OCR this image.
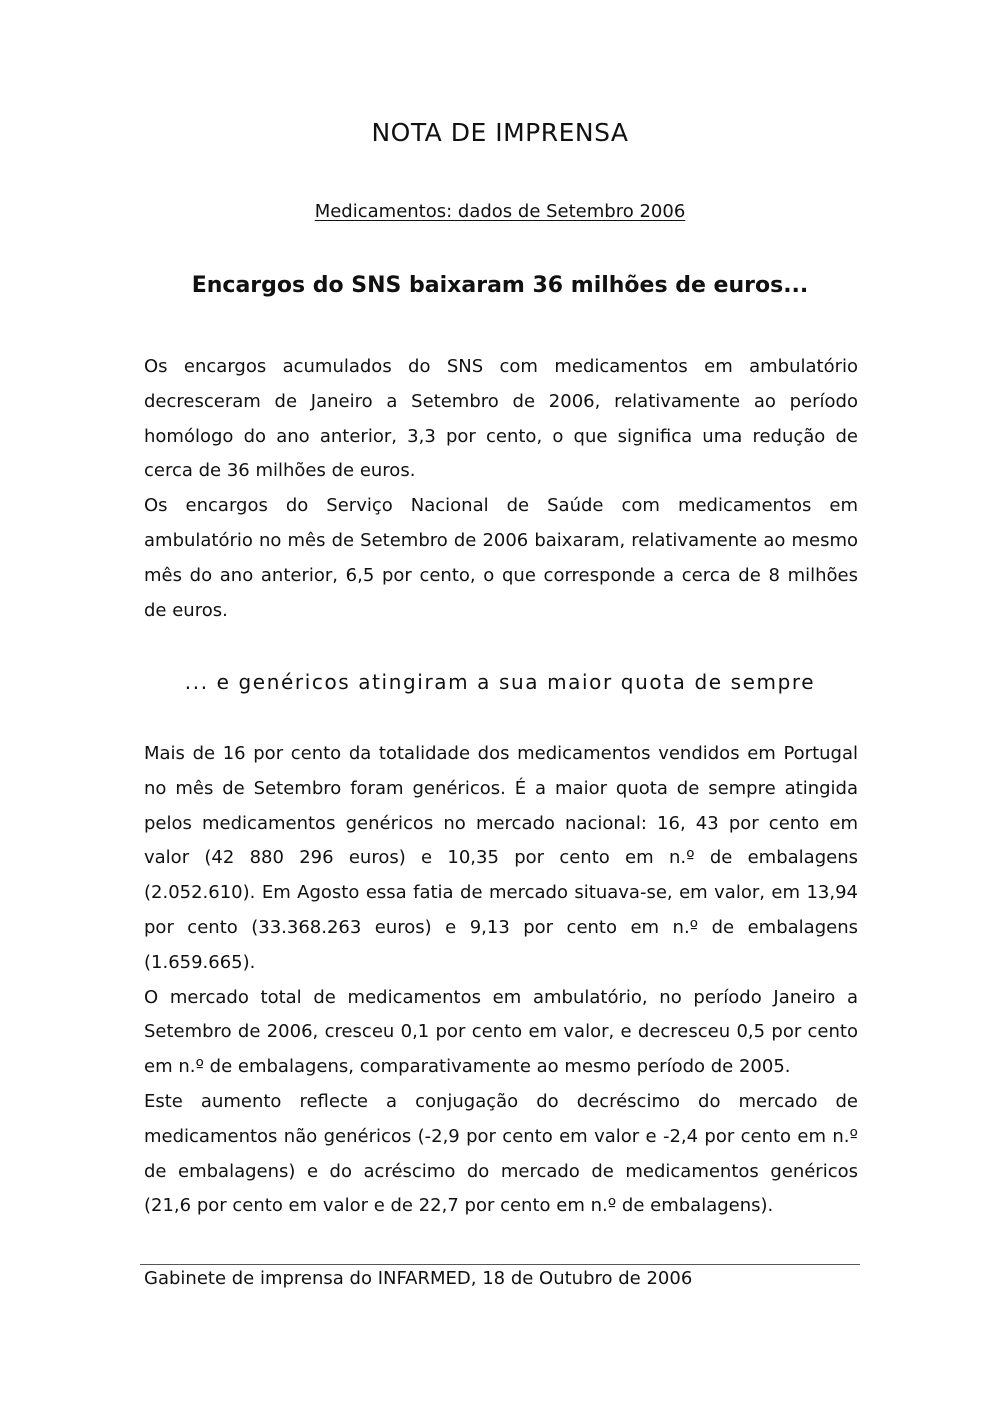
NOTA DE IMPRENSA
Medicamentos: dados de Setembro 2006
Encargos do SNS baixaram 36 milhões de euros...

Os encargos acumulados do SNS com medicamentos em ambulatório decresceram de Janeiro a Setembro de 2006, relativamente ao período homólogo do ano anterior, 3,3 por cento, o que significa uma redução de cerca de 36 milhões de euros.

Os encargos do Serviço Nacional de Saúde com medicamentos em ambulatório no mês de Setembro de 2006 baixaram, relativamente ao mesmo mês do ano anterior, 6,5 por cento, o que corresponde a cerca de 8 milhões de euros.

... e genéricos atingiram a sua maior quota de sempre

Mais de 16 por cento da totalidade dos medicamentos vendidos em Portugal no mês de Setembro foram genéricos. É a maior quota de sempre atingida pelos medicamentos genéricos no mercado nacional: 16, 43 por cento em valor (42 880 296 euros) e 10,35 por cento em n.º de embalagens (2.052.610). Em Agosto essa fatia de mercado situava-se, em valor, em 13,94 por cento (33.368.263 euros) e 9,13 por cento em n.º de embalagens (1.659.665).

O mercado total de medicamentos em ambulatório, no período Janeiro a Setembro de 2006, cresceu 0,1 por cento em valor, e decresceu 0,5 por cento em n.º de embalagens, comparativamente ao mesmo período de 2005.

Este aumento reflecte a conjugação do decréscimo do mercado de medicamentos não genéricos (-2,9 por cento em valor e -2,4 por cento em n.º de embalagens) e do acréscimo do mercado de medicamentos genéricos (21,6 por cento em valor e de 22,7 por cento em n.º de embalagens).

Gabinete de imprensa do INFARMED, 18 de Outubro de 2006
